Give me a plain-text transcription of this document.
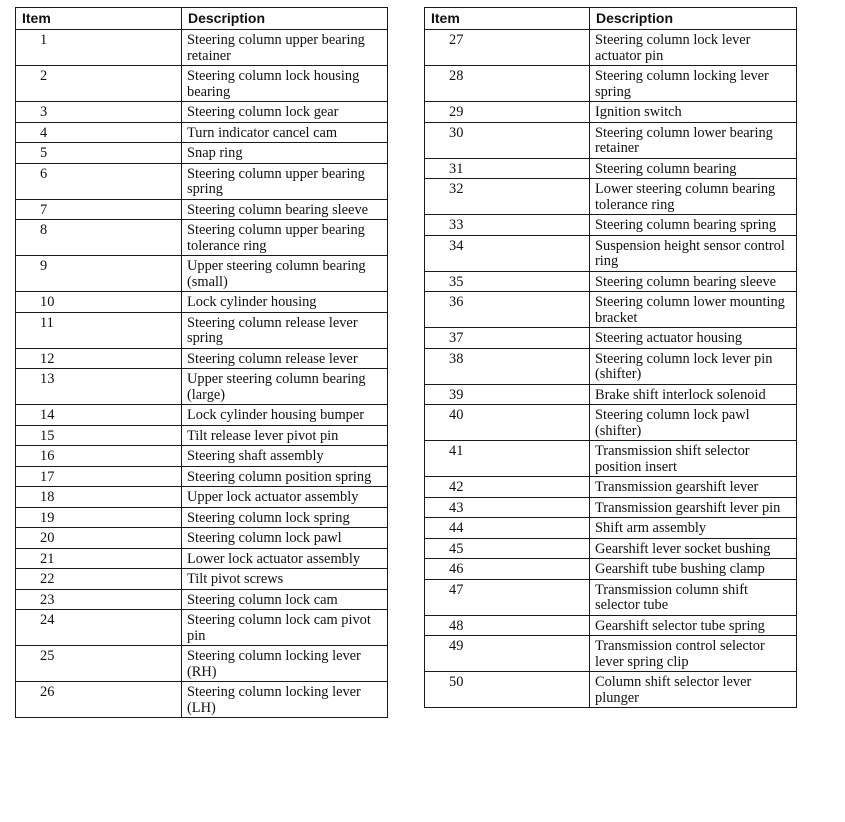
Item	Description
1	Steering column upper bearing retainer
2	Steering column lock housing bearing
3	Steering column lock gear
4	Turn indicator cancel cam
5	Snap ring
6	Steering column upper bearing spring
7	Steering column bearing sleeve
8	Steering column upper bearing tolerance ring
9	Upper steering column bearing (small)
10	Lock cylinder housing
11	Steering column release lever spring
12	Steering column release lever
13	Upper steering column bearing (large)
14	Lock cylinder housing bumper
15	Tilt release lever pivot pin
16	Steering shaft assembly
17	Steering column position spring
18	Upper lock actuator assembly
19	Steering column lock spring
20	Steering column lock pawl
21	Lower lock actuator assembly
22	Tilt pivot screws
23	Steering column lock cam
24	Steering column lock cam pivot pin
25	Steering column locking lever (RH)
26	Steering column locking lever (LH)
Item	Description
27	Steering column lock lever actuator pin
28	Steering column locking lever spring
29	Ignition switch
30	Steering column lower bearing retainer
31	Steering column bearing
32	Lower steering column bearing tolerance ring
33	Steering column bearing spring
34	Suspension height sensor control ring
35	Steering column bearing sleeve
36	Steering column lower mounting bracket
37	Steering actuator housing
38	Steering column lock lever pin (shifter)
39	Brake shift interlock solenoid
40	Steering column lock pawl (shifter)
41	Transmission shift selector position insert
42	Transmission gearshift lever
43	Transmission gearshift lever pin
44	Shift arm assembly
45	Gearshift lever socket bushing
46	Gearshift tube bushing clamp
47	Transmission column shift selector tube
48	Gearshift selector tube spring
49	Transmission control selector lever spring clip
50	Column shift selector lever plunger
